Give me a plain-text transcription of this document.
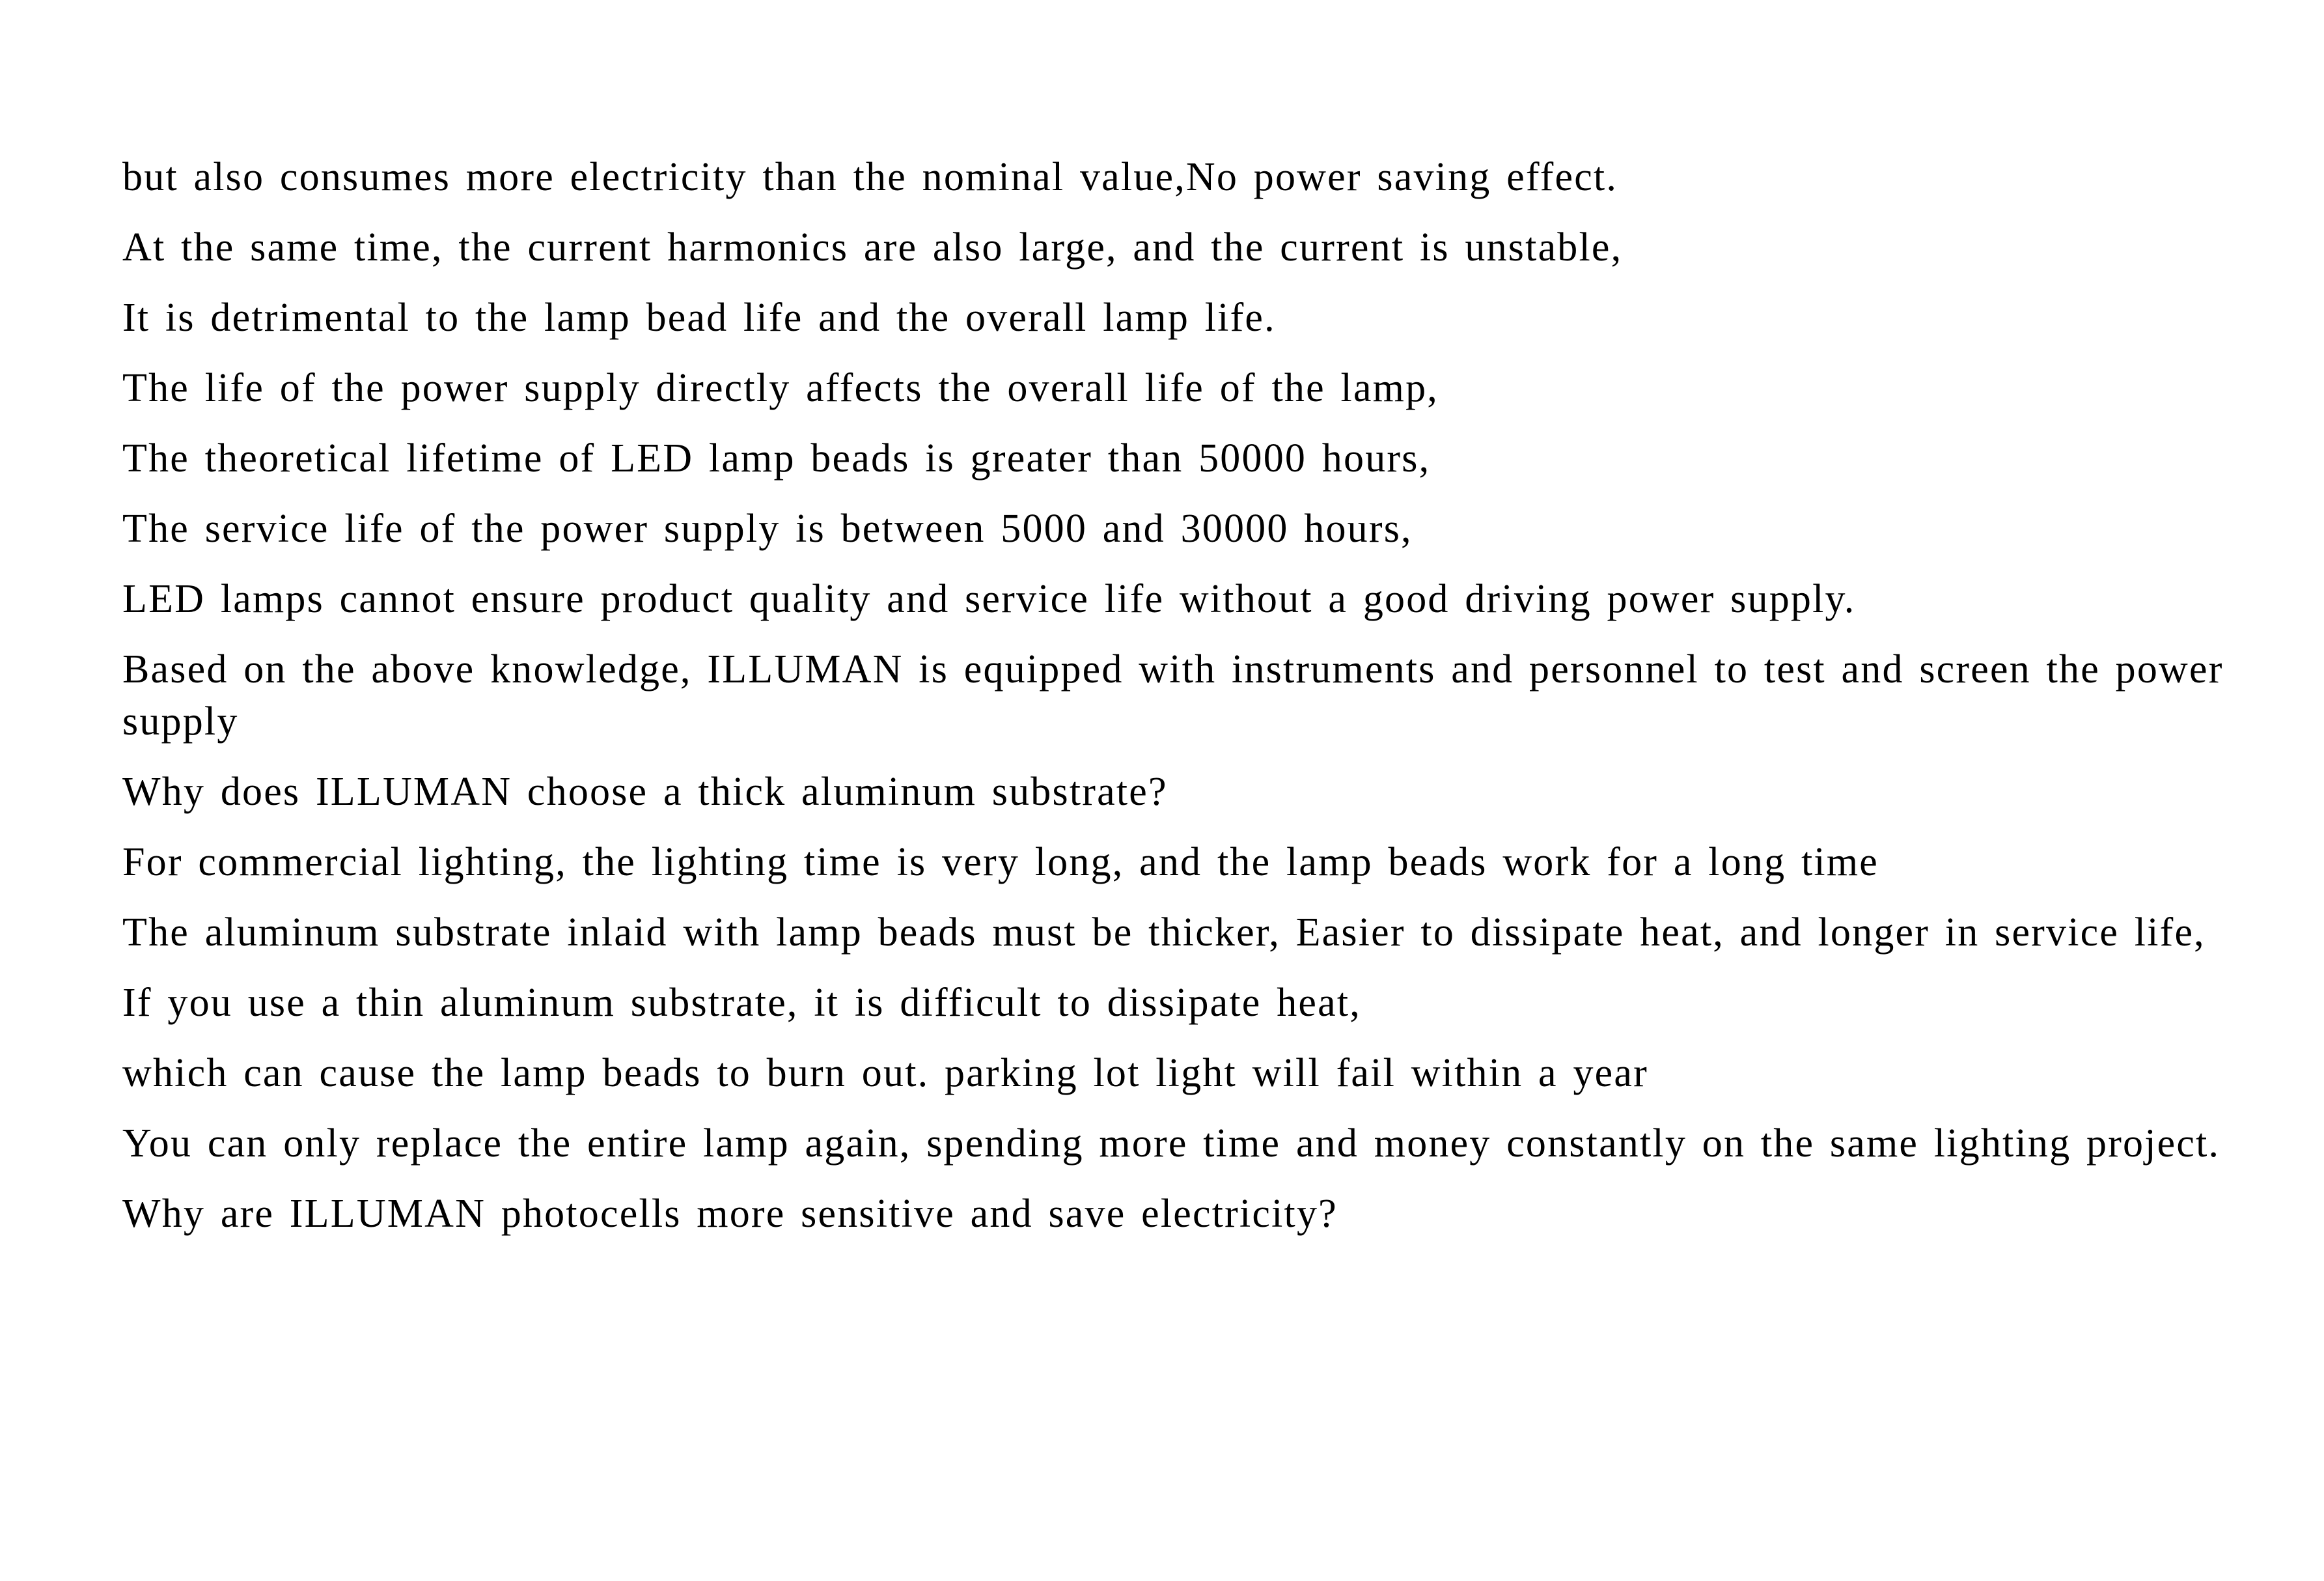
but also consumes more electricity than the nominal value,No power saving effect.

At the same time, the current harmonics are also large, and the current is unstable,

It is detrimental to the lamp bead life and the overall lamp life.

The life of the power supply directly affects the overall life of the lamp,

The theoretical lifetime of LED lamp beads is greater than 50000 hours,

The service life of the power supply is between 5000 and 30000 hours,

LED lamps cannot ensure product quality and service life without a good driving power supply.

Based on the above knowledge, ILLUMAN is equipped with instruments and personnel to test and screen the power supply

Why does ILLUMAN choose a thick aluminum substrate?

For commercial lighting, the lighting time is very long, and the lamp beads work for a long time

The aluminum substrate inlaid with lamp beads must be thicker, Easier to dissipate heat, and longer in service life,

If you use a thin aluminum substrate, it is difficult to dissipate heat,

which can cause the lamp beads to burn out. parking lot light will fail within a year

You can only replace the entire lamp again, spending more time and money constantly on the same lighting project.

Why are ILLUMAN photocells more sensitive and save electricity?
